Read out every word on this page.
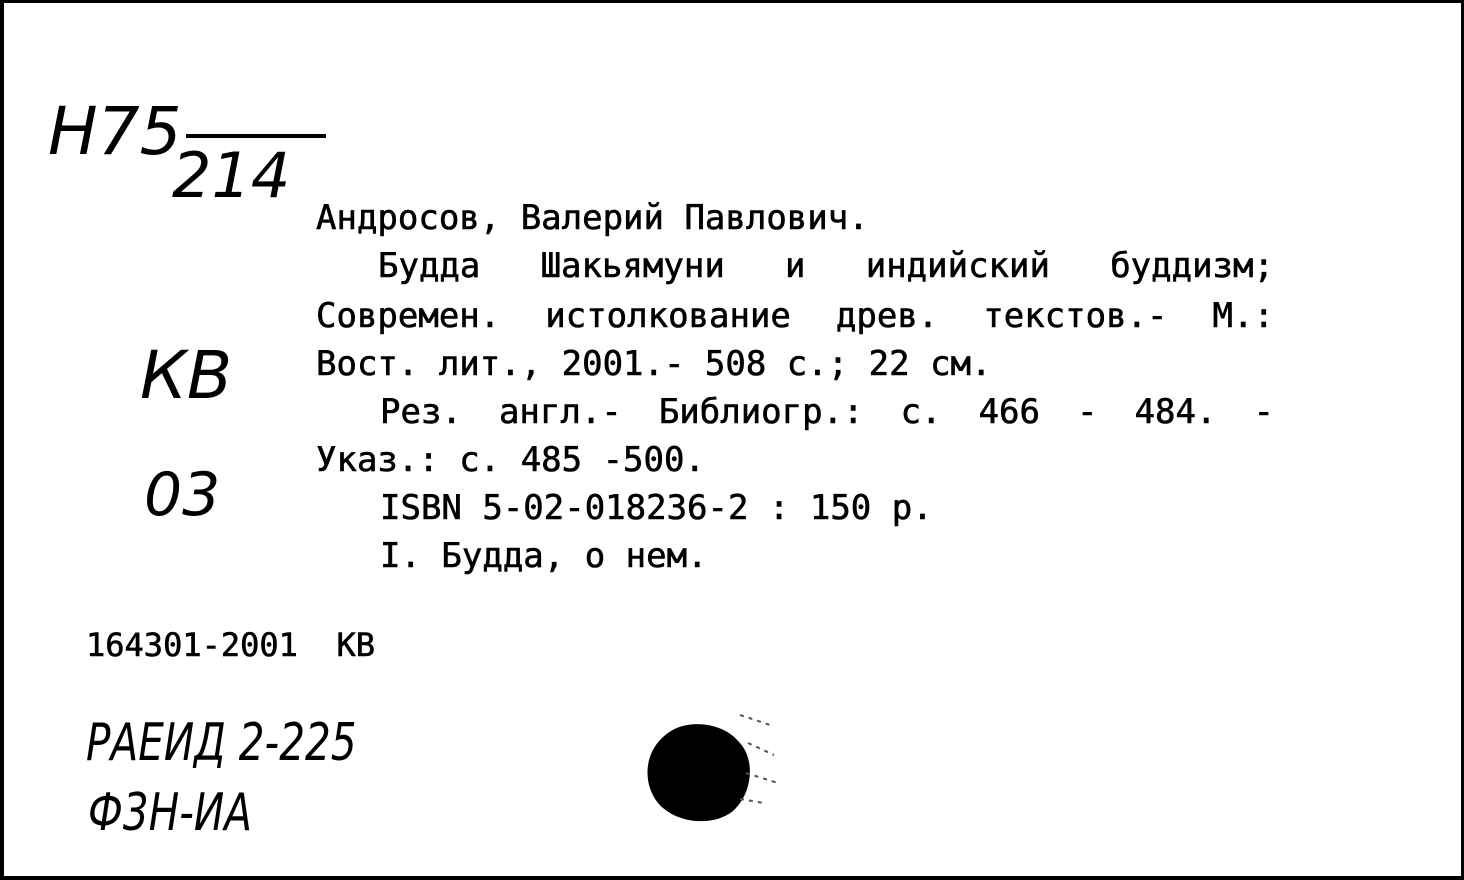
Н75
214
КВ
03
Андросов, Валерий Павлович.
Будда Шакьямуни и индийский буддизм;
Современ. истолкование древ. текстов.- М.:
Вост. лит., 2001.- 508 с.; 22 см.
Рез. англ.- Библиогр.: с. 466 - 484. -
Указ.: с. 485 -500.
ISBN 5-02-018236-2 : 150 р.
I. Будда, о нем.
164301-2001  КВ
РАЕИД 2-225
Ф3Н-ИА
